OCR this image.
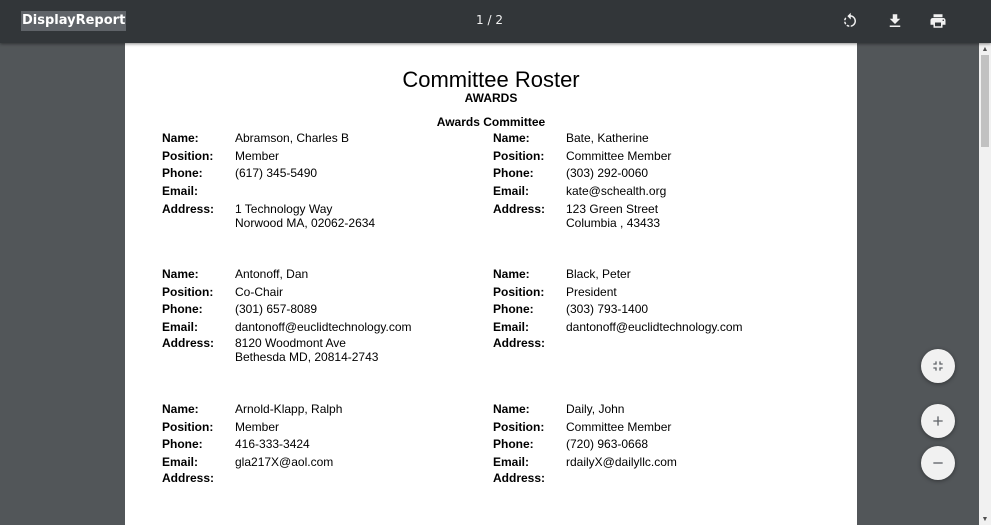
DisplayReport	1 / 2
Committee Roster
AWARDS
Awards Committee
Name:	Abramson, Charles B
Position:	Member
Phone:	(617) 345-5490
Email:
Address:	1 Technology Way
Norwood MA, 02062-2634
Name:	Bate, Katherine
Position:	Committee Member
Phone:	(303) 292-0060
Email:	kate@schealth.org
Address:	123 Green Street
Columbia , 43433
Name:	Antonoff, Dan
Position:	Co-Chair
Phone:	(301) 657-8089
Email:	dantonoff@euclidtechnology.com
Address:	8120 Woodmont Ave
Bethesda MD, 20814-2743
Name:	Black, Peter
Position:	President
Phone:	(303) 793-1400
Email:	dantonoff@euclidtechnology.com
Address:
Name:	Arnold-Klapp, Ralph
Position:	Member
Phone:	416-333-3424
Email:	gla217X@aol.com
Address:
Name:	Daily, John
Position:	Committee Member
Phone:	(720) 963-0668
Email:	rdailyX@dailyllc.com
Address:
▲
▼
